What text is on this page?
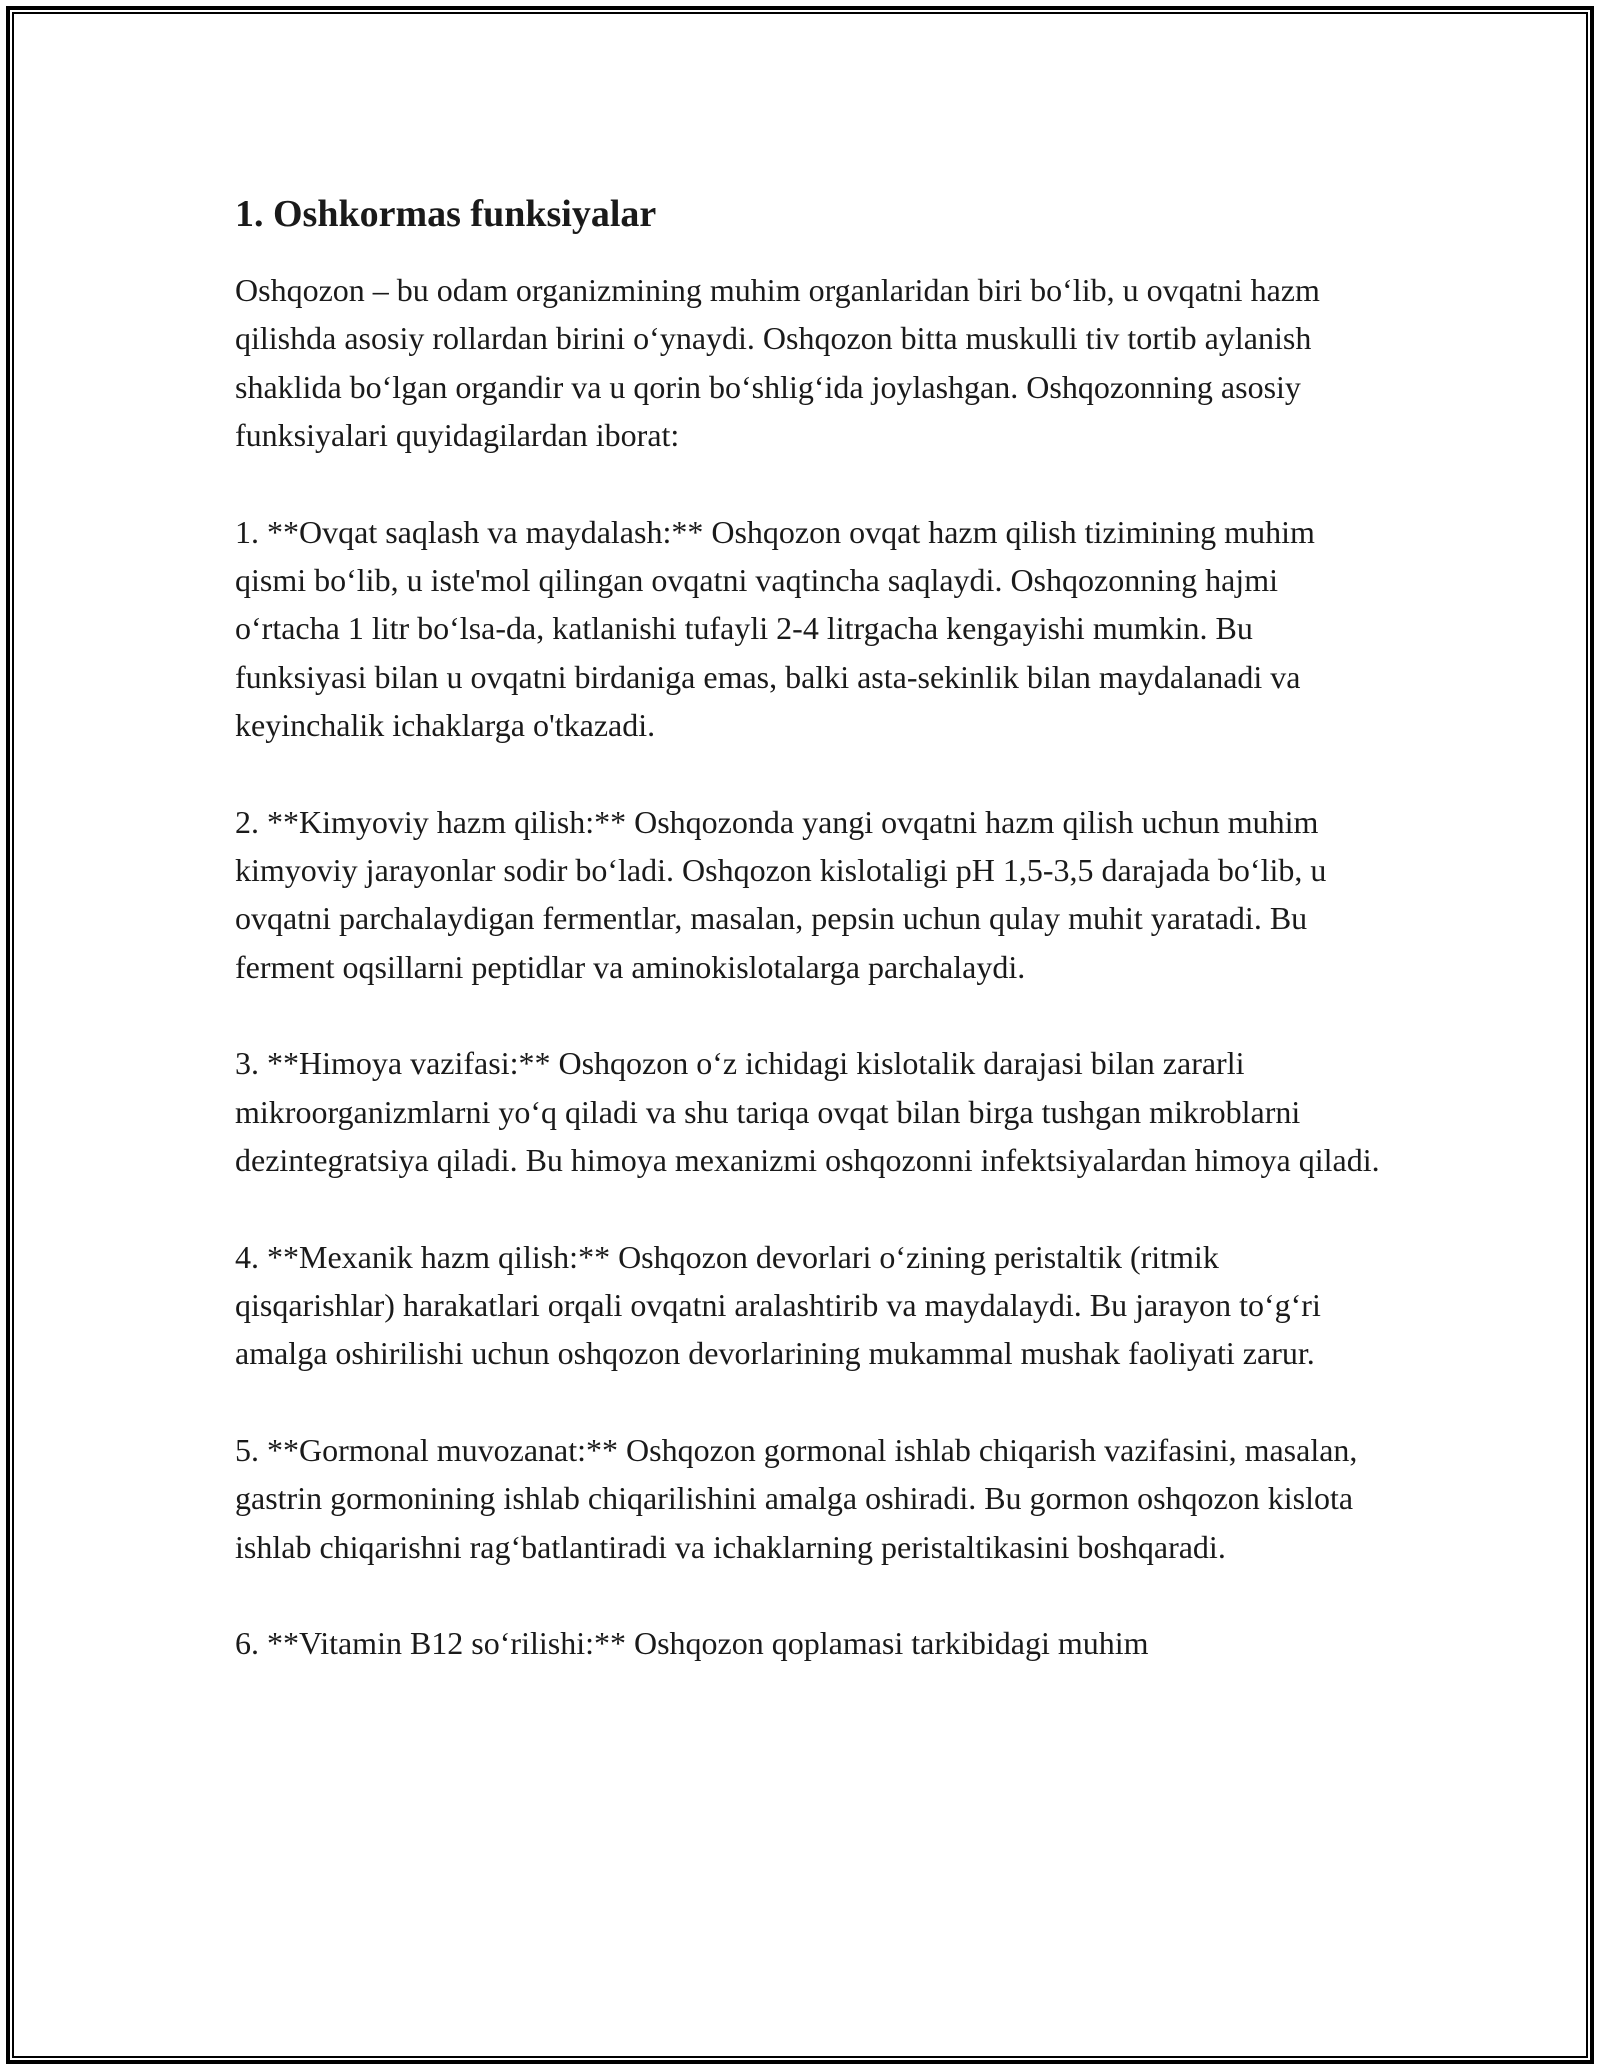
1. Oshkormas funksiyalar

Oshqozon – bu odam organizmining muhim organlaridan biri bo‘lib, u ovqatni hazm qilishda asosiy rollardan birini o‘ynaydi. Oshqozon bitta muskulli tiv tortib aylanish shaklida bo‘lgan organdir va u qorin bo‘shlig‘ida joylashgan. Oshqozonning asosiy funksiyalari quyidagilardan iborat:

1. **Ovqat saqlash va maydalash:** Oshqozon ovqat hazm qilish tizimining muhim qismi bo‘lib, u iste'mol qilingan ovqatni vaqtincha saqlaydi. Oshqozonning hajmi o‘rtacha 1 litr bo‘lsa-da, katlanishi tufayli 2-4 litrgacha kengayishi mumkin. Bu funksiyasi bilan u ovqatni birdaniga emas, balki asta-sekinlik bilan maydalanadi va keyinchalik ichaklarga o'tkazadi.

2. **Kimyoviy hazm qilish:** Oshqozonda yangi ovqatni hazm qilish uchun muhim kimyoviy jarayonlar sodir bo‘ladi. Oshqozon kislotaligi pH 1,5-3,5 darajada bo‘lib, u ovqatni parchalaydigan fermentlar, masalan, pepsin uchun qulay muhit yaratadi. Bu ferment oqsillarni peptidlar va aminokislotalarga parchalaydi.

3. **Himoya vazifasi:** Oshqozon o‘z ichidagi kislotalik darajasi bilan zararli mikroorganizmlarni yo‘q qiladi va shu tariqa ovqat bilan birga tushgan mikroblarni dezintegratsiya qiladi. Bu himoya mexanizmi oshqozonni infektsiyalardan himoya qiladi.

4. **Mexanik hazm qilish:** Oshqozon devorlari o‘zining peristaltik (ritmik qisqarishlar) harakatlari orqali ovqatni aralashtirib va maydalaydi. Bu jarayon to‘g‘ri amalga oshirilishi uchun oshqozon devorlarining mukammal mushak faoliyati zarur.

5. **Gormonal muvozanat:** Oshqozon gormonal ishlab chiqarish vazifasini, masalan, gastrin gormonining ishlab chiqarilishini amalga oshiradi. Bu gormon oshqozon kislota ishlab chiqarishni rag‘batlantiradi va ichaklarning peristaltikasini boshqaradi.

6. **Vitamin B12 so‘rilishi:** Oshqozon qoplamasi tarkibidagi muhim
